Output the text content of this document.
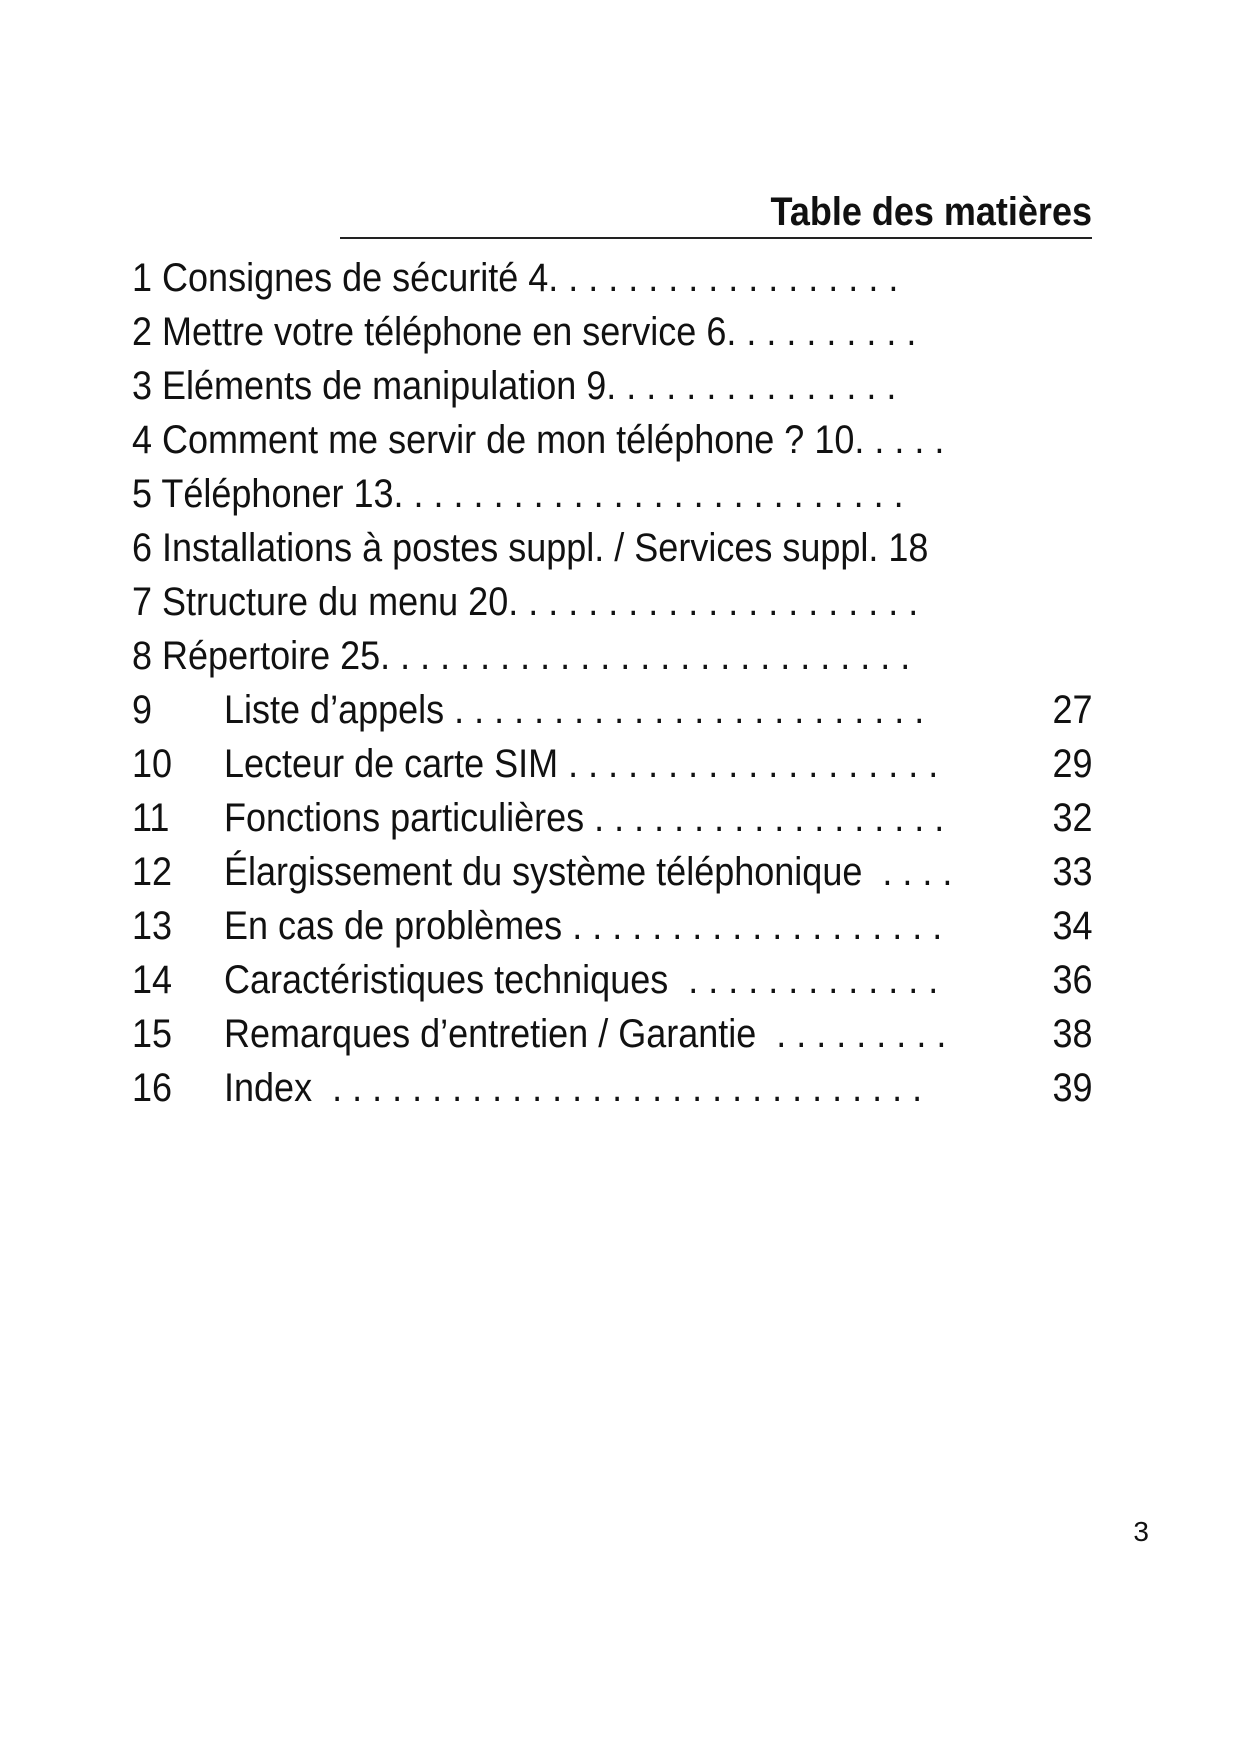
Table des matières
1 Consignes de sécurité 4. . . . . . . . . . . . . . . . . .
2 Mettre votre téléphone en service 6. . . . . . . . . .
3 Eléments de manipulation 9. . . . . . . . . . . . . . .
4 Comment me servir de mon téléphone ? 10. . . . .
5 Téléphoner 13. . . . . . . . . . . . . . . . . . . . . . . . . .
6 Installations à postes suppl. / Services suppl. 18
7 Structure du menu 20. . . . . . . . . . . . . . . . . . . . .
8 Répertoire 25. . . . . . . . . . . . . . . . . . . . . . . . . . .
9 Liste d’appels . . . . . . . . . . . . . . . . . . . . . . . .	27
10 Lecteur de carte SIM . . . . . . . . . . . . . . . . . . .	29
11 Fonctions particulières . . . . . . . . . . . . . . . . . .	32
12 Élargissement du système téléphonique  . . . . 33
13 En cas de problèmes . . . . . . . . . . . . . . . . . . .	34
14 Caractéristiques techniques  . . . . . . . . . . . . .	36
15 Remarques d’entretien / Garantie  . . . . . . . . .	38
16 Index  . . . . . . . . . . . . . . . . . . . . . . . . . . . . . .	39
3
